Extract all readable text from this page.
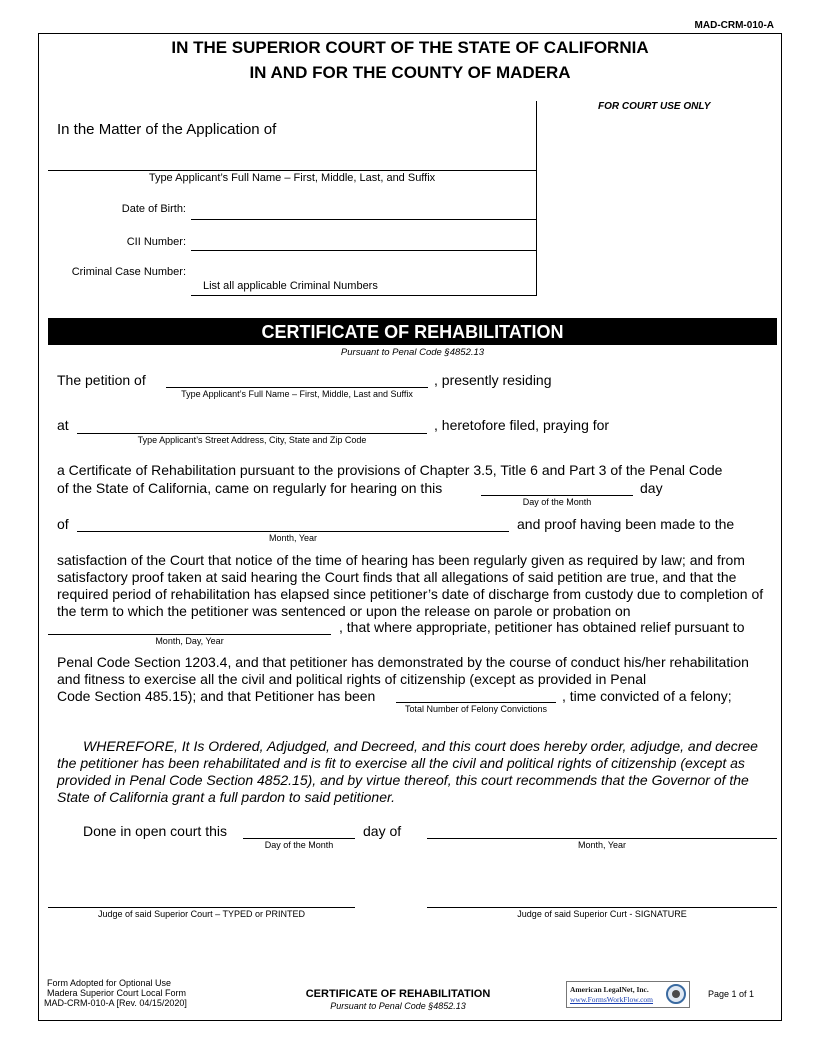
MAD-CRM-010-A
IN THE SUPERIOR COURT OF THE STATE OF CALIFORNIA
IN AND FOR THE COUNTY OF MADERA
FOR COURT USE ONLY
In the Matter of the Application of
Type Applicant’s Full Name – First, Middle, Last, and Suffix
Date of Birth:
CII Number:
Criminal Case Number:
List all applicable Criminal Numbers
CERTIFICATE OF REHABILITATION
Pursuant to Penal Code §4852.13
The petition of	, presently residing
Type Applicant’s Full Name – First, Middle, Last and Suffix
at	, heretofore filed, praying for
Type Applicant’s Street Address, City, State and Zip Code
a Certificate of Rehabilitation pursuant to the provisions of Chapter 3.5, Title 6 and Part 3 of the Penal Code
of the State of California, came on regularly for hearing on this	day
Day of the Month
of	and proof having been made to the
Month, Year
satisfaction of the Court that notice of the time of hearing has been regularly given as required by law; and from satisfactory proof taken at said hearing the Court finds that all allegations of said petition are true, and that the required period of rehabilitation has elapsed since petitioner’s date of discharge from custody due to completion of the term to which the petitioner was sentenced or upon the release on parole or probation on
, that where appropriate, petitioner has obtained relief pursuant to
Month, Day, Year
Penal Code Section 1203.4, and that petitioner has demonstrated by the course of conduct his/her rehabilitation and fitness to exercise all the civil and political rights of citizenship (except as provided in Penal
Code Section 485.15); and that Petitioner has been	, time convicted of a felony;
Total Number of Felony Convictions
WHEREFORE, It Is Ordered, Adjudged, and Decreed, and this court does hereby order, adjudge, and decree the petitioner has been rehabilitated and is fit to exercise all the civil and political rights of citizenship (except as provided in Penal Code Section 4852.15), and by virtue thereof, this court recommends that the Governor of the State of California grant a full pardon to said petitioner.
Done in open court this	day of
Day of the Month	Month, Year
Judge of said Superior Court – TYPED or PRINTED	Judge of said Superior Curt - SIGNATURE
Form Adopted for Optional Use
Madera Superior Court Local Form
MAD-CRM-010-A [Rev. 04/15/2020]
CERTIFICATE OF REHABILITATION
Pursuant to Penal Code §4852.13
American LegalNet, Inc.
www.FormsWorkFlow.com
Page 1 of 1
